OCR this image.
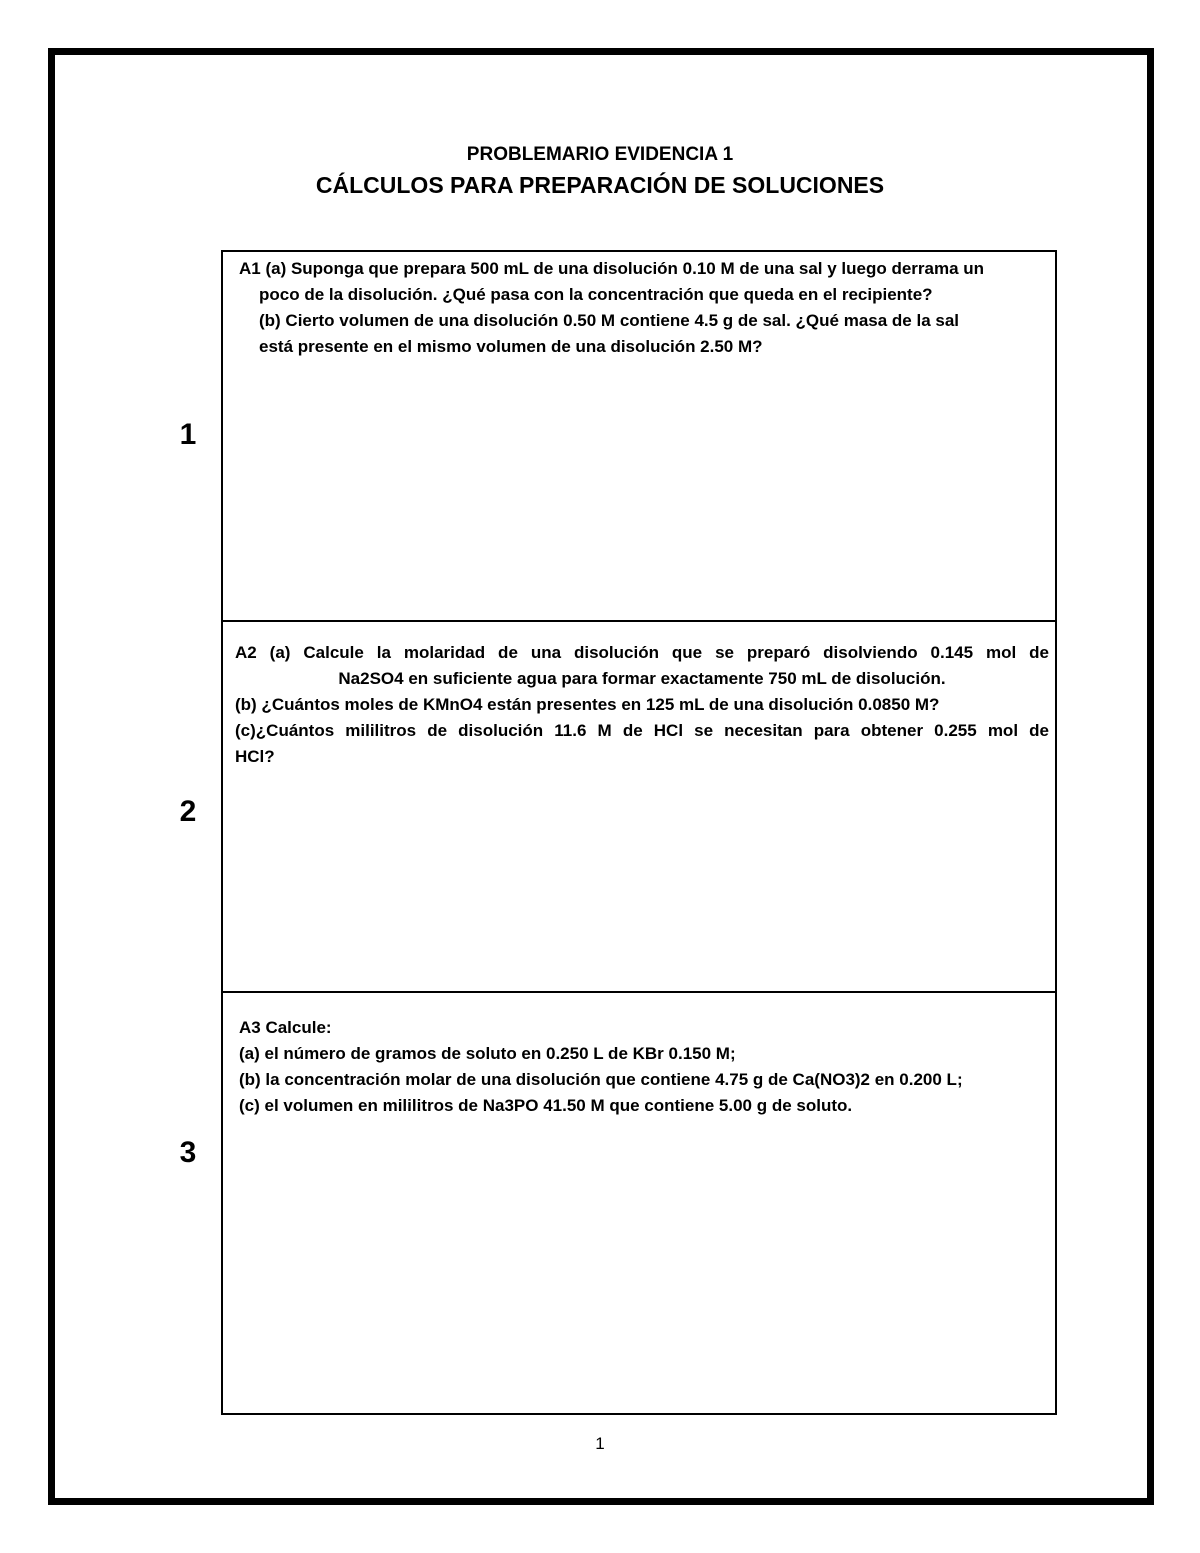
PROBLEMARIO EVIDENCIA 1
CÁLCULOS PARA PREPARACIÓN DE SOLUCIONES
1
A1 (a) Suponga que prepara 500 mL de una disolución 0.10 M de una sal y luego derrama un
poco de la disolución. ¿Qué pasa con la concentración que queda en el recipiente?
(b) Cierto volumen de una disolución 0.50 M contiene 4.5 g de sal. ¿Qué masa de la sal
está presente en el mismo volumen de una disolución 2.50 M?
2
A2 (a) Calcule la molaridad de una disolución que se preparó disolviendo 0.145 mol de
Na2SO4 en suficiente agua para formar exactamente 750 mL de disolución.
(b) ¿Cuántos moles de KMnO4 están presentes en 125 mL de una disolución 0.0850 M?
(c)¿Cuántos mililitros de disolución 11.6 M de HCl se necesitan para obtener 0.255 mol de
HCl?
3
A3 Calcule:
(a) el número de gramos de soluto en 0.250 L de KBr 0.150 M;
(b) la concentración molar de una disolución que contiene 4.75 g de Ca(NO3)2 en 0.200 L;
(c) el volumen en mililitros de Na3PO 41.50 M que contiene 5.00 g de soluto.
1
